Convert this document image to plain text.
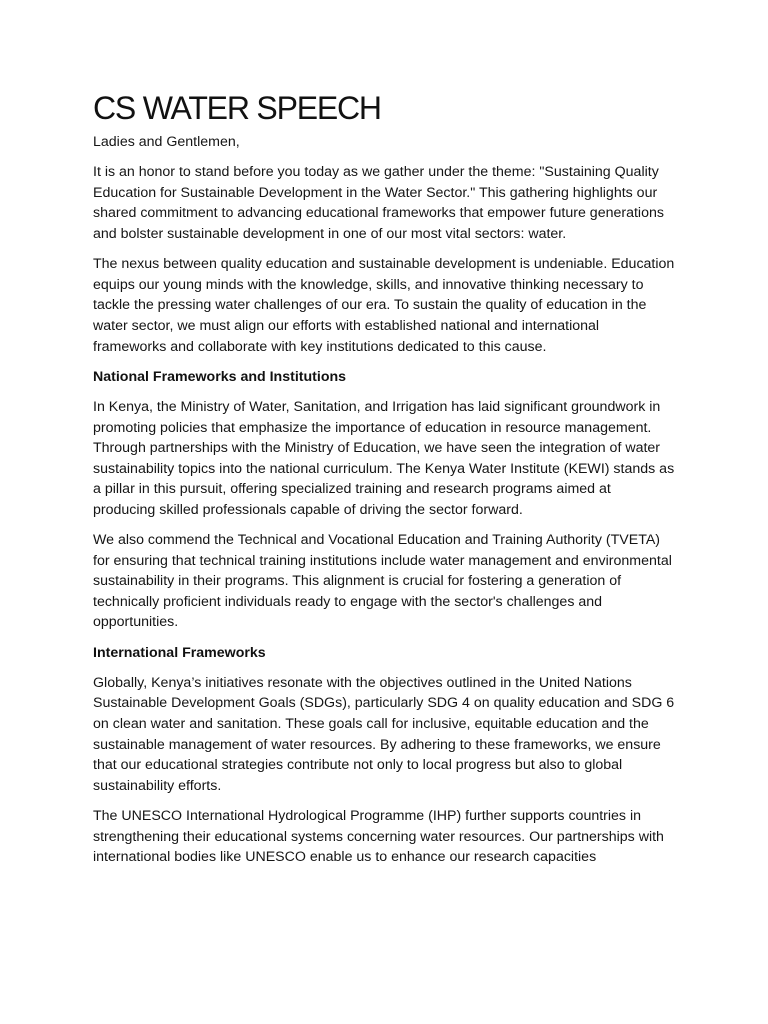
CS WATER SPEECH

Ladies and Gentlemen,

It is an honor to stand before you today as we gather under the theme: "Sustaining Quality Education for Sustainable Development in the Water Sector." This gathering highlights our shared commitment to advancing educational frameworks that empower future generations and bolster sustainable development in one of our most vital sectors: water.

The nexus between quality education and sustainable development is undeniable. Education equips our young minds with the knowledge, skills, and innovative thinking necessary to tackle the pressing water challenges of our era. To sustain the quality of education in the water sector, we must align our efforts with established national and international frameworks and collaborate with key institutions dedicated to this cause.

National Frameworks and Institutions

In Kenya, the Ministry of Water, Sanitation, and Irrigation has laid significant groundwork in promoting policies that emphasize the importance of education in resource management. Through partnerships with the Ministry of Education, we have seen the integration of water sustainability topics into the national curriculum. The Kenya Water Institute (KEWI) stands as a pillar in this pursuit, offering specialized training and research programs aimed at producing skilled professionals capable of driving the sector forward.

We also commend the Technical and Vocational Education and Training Authority (TVETA) for ensuring that technical training institutions include water management and environmental sustainability in their programs. This alignment is crucial for fostering a generation of technically proficient individuals ready to engage with the sector's challenges and opportunities.

International Frameworks

Globally, Kenya’s initiatives resonate with the objectives outlined in the United Nations Sustainable Development Goals (SDGs), particularly SDG 4 on quality education and SDG 6 on clean water and sanitation. These goals call for inclusive, equitable education and the sustainable management of water resources. By adhering to these frameworks, we ensure that our educational strategies contribute not only to local progress but also to global sustainability efforts.

The UNESCO International Hydrological Programme (IHP) further supports countries in strengthening their educational systems concerning water resources. Our partnerships with international bodies like UNESCO enable us to enhance our research capacities
